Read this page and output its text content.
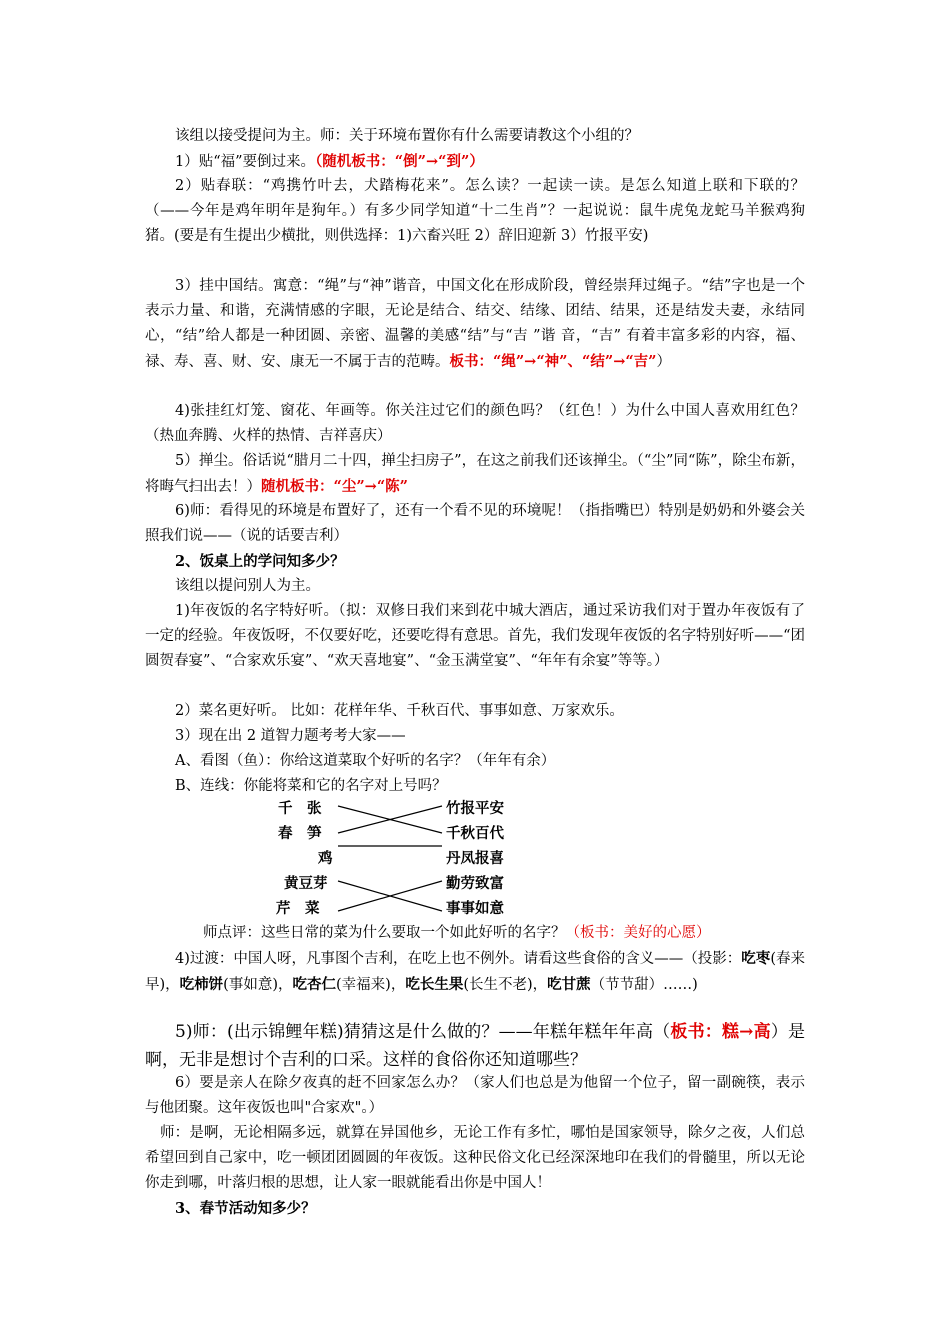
该组以接受提问为主。师：关于环境布置你有什么需要请教这个小组的？

1）贴“福”要倒过来。（随机板书：“倒”→“到”）

2）贴春联：“鸡携竹叶去，犬踏梅花来”。怎么读？一起读一读。是怎么知道上联和下联的？（——今年是鸡年明年是狗年。）有多少同学知道“十二生肖”？一起说说：鼠牛虎兔龙蛇马羊猴鸡狗猪。(要是有生提出少横批，则供选择：1)六畜兴旺 2）辞旧迎新 3）竹报平安)

3）挂中国结。寓意：“绳”与“神”谐音，中国文化在形成阶段，曾经崇拜过绳子。“结”字也是一个表示力量、和谐，充满情感的字眼，无论是结合、结交、结缘、团结、结果，还是结发夫妻，永结同心，“结”给人都是一种团圆、亲密、温馨的美感“结”与“吉 ”谐 音，“吉” 有着丰富多彩的内容，福、禄、寿、喜、财、安、康无一不属于吉的范畴。板书：“绳”→“神”、“结”→“吉”）

4)张挂红灯笼、窗花、年画等。你关注过它们的颜色吗？（红色！）为什么中国人喜欢用红色？（热血奔腾、火样的热情、吉祥喜庆）

5）掸尘。俗话说“腊月二十四，掸尘扫房子”，在这之前我们还该掸尘。（“尘”同“陈”，除尘布新，将晦气扫出去！）随机板书：“尘”→“陈”

6)师：看得见的环境是布置好了，还有一个看不见的环境呢！（指指嘴巴）特别是奶奶和外婆会关照我们说——（说的话要吉利）

2、饭桌上的学问知多少？

该组以提问别人为主。

1)年夜饭的名字特好听。（拟：双修日我们来到花中城大酒店，通过采访我们对于置办年夜饭有了一定的经验。年夜饭呀，不仅要好吃，还要吃得有意思。首先，我们发现年夜饭的名字特别好听——“团圆贺春宴”、“合家欢乐宴”、“欢天喜地宴”、“金玉满堂宴”、“年年有余宴”等等。）

2）菜名更好听。 比如：花样年华、千秋百代、事事如意、万家欢乐。

3）现在出 2 道智力题考考大家——

A、看图（鱼）：你给这道菜取个好听的名字？（年年有余）

B、连线：你能将菜和它的名字对上号吗？

千　张
春　笋
鸡
黄豆芽
芹　菜
竹报平安
千秋百代
丹凤报喜
勤劳致富
事事如意

师点评：这些日常的菜为什么要取一个如此好听的名字？（板书：美好的心愿）

4)过渡：中国人呀，凡事图个吉利，在吃上也不例外。请看这些食俗的含义——（投影：吃枣(春来早)，吃柿饼(事如意)，吃杏仁(幸福来)，吃长生果(长生不老)，吃甘蔗（节节甜）……)

5)师：(出示锦鲤年糕)猜猜这是什么做的？——年糕年糕年年高（板书：糕→高）是啊，无非是想讨个吉利的口采。这样的食俗你还知道哪些？

6）要是亲人在除夕夜真的赶不回家怎么办？（家人们也总是为他留一个位子，留一副碗筷，表示与他团聚。这年夜饭也叫"合家欢"。）

师：是啊，无论相隔多远，就算在异国他乡，无论工作有多忙，哪怕是国家领导，除夕之夜，人们总希望回到自己家中，吃一顿团团圆圆的年夜饭。这种民俗文化已经深深地印在我们的骨髓里，所以无论你走到哪，叶落归根的思想，让人家一眼就能看出你是中国人！

3、春节活动知多少？
